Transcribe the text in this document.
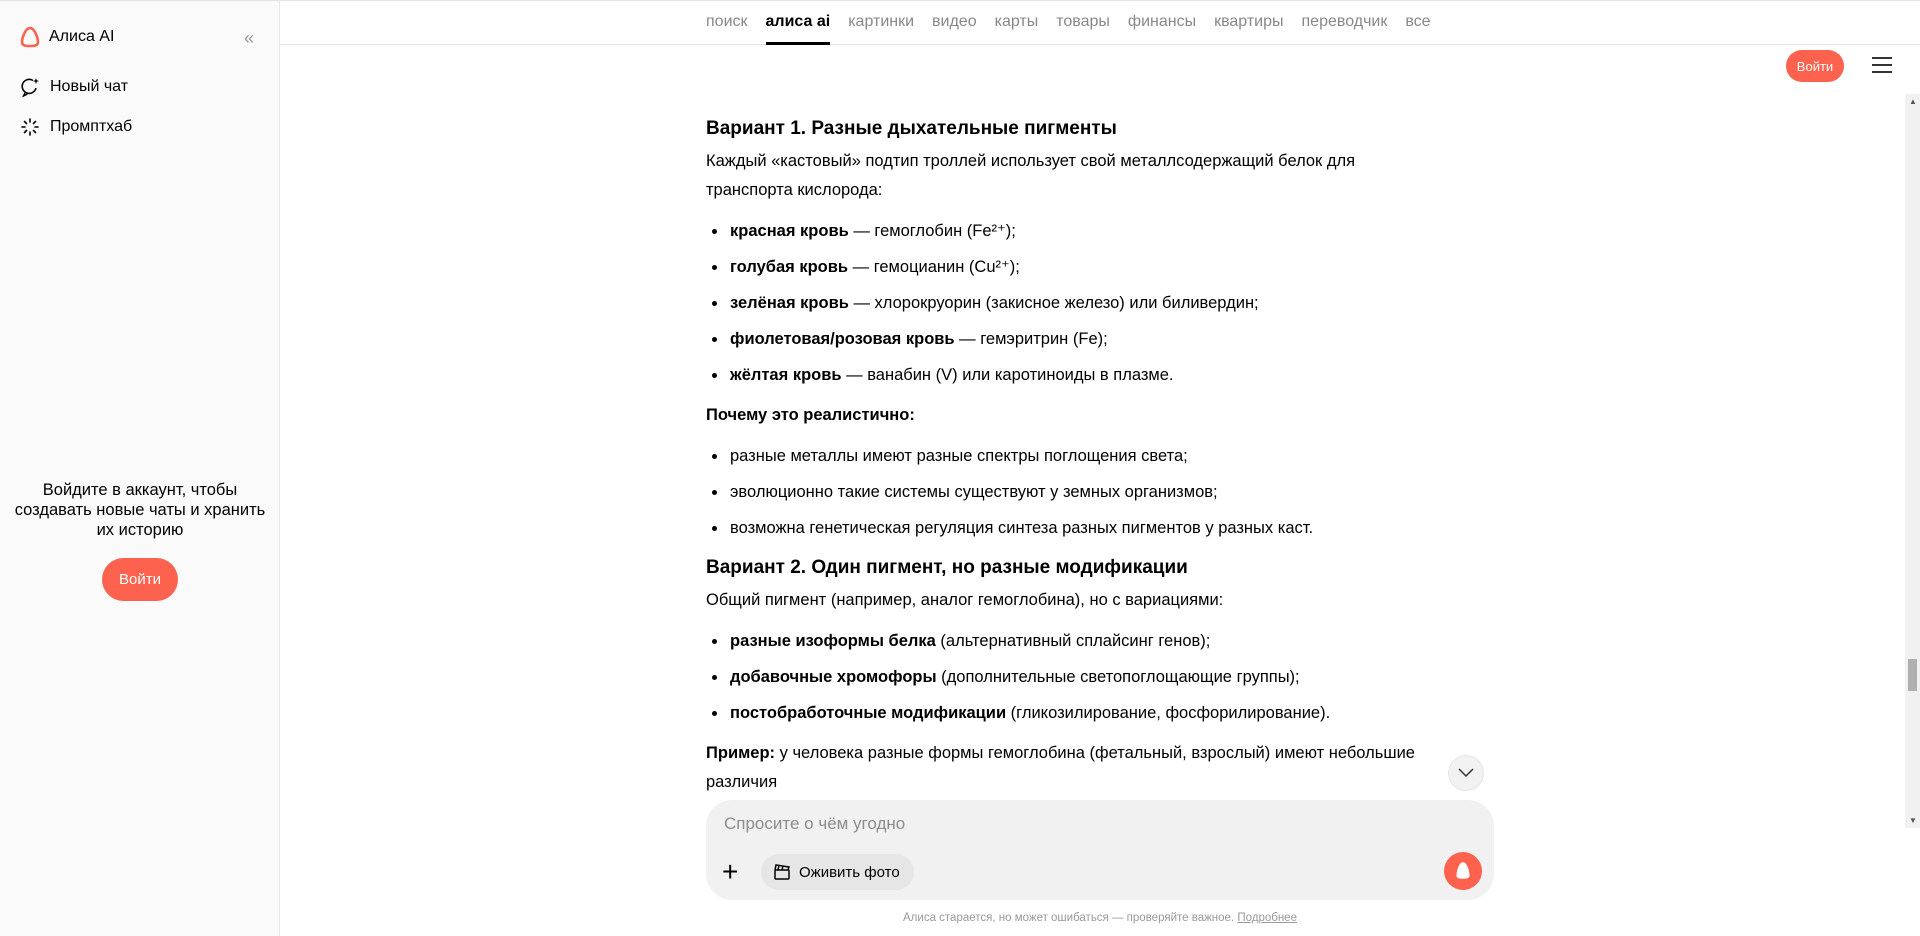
Алиса AI	«
Новый чат
Промптхаб
Войдите в аккаунт, чтобы создавать новые чаты и хранить их историю
Войти
поиск	алиса ai	картинки	видео	карты	товары	финансы	квартиры	переводчик	все
Войти
Вариант 1. Разные дыхательные пигменты

Каждый «кастовый» подтип троллей использует свой металлсодержащий белок для транспорта кислорода:

красная кровь — гемоглобин (Fe²⁺);
голубая кровь — гемоцианин (Cu²⁺);
зелёная кровь — хлорокруорин (закисное железо) или биливердин;
фиолетовая/розовая кровь — гемэритрин (Fe);
жёлтая кровь — ванабин (V) или каротиноиды в плазме.

Почему это реалистично:

разные металлы имеют разные спектры поглощения света;
эволюционно такие системы существуют у земных организмов;
возможна генетическая регуляция синтеза разных пигментов у разных каст.
Вариант 2. Один пигмент, но разные модификации

Общий пигмент (например, аналог гемоглобина), но с вариациями:

разные изоформы белка (альтернативный сплайсинг генов);
добавочные хромофоры (дополнительные светопоглощающие группы);
постобработочные модификации (гликозилирование, фосфорилирование).

Пример: у человека разные формы гемоглобина (фетальный, взрослый) имеют небольшие различия

Спросите о чём угодно
+	Оживить фото
Алиса старается, но может ошибаться — проверяйте важное. Подробнее
▲
▼
